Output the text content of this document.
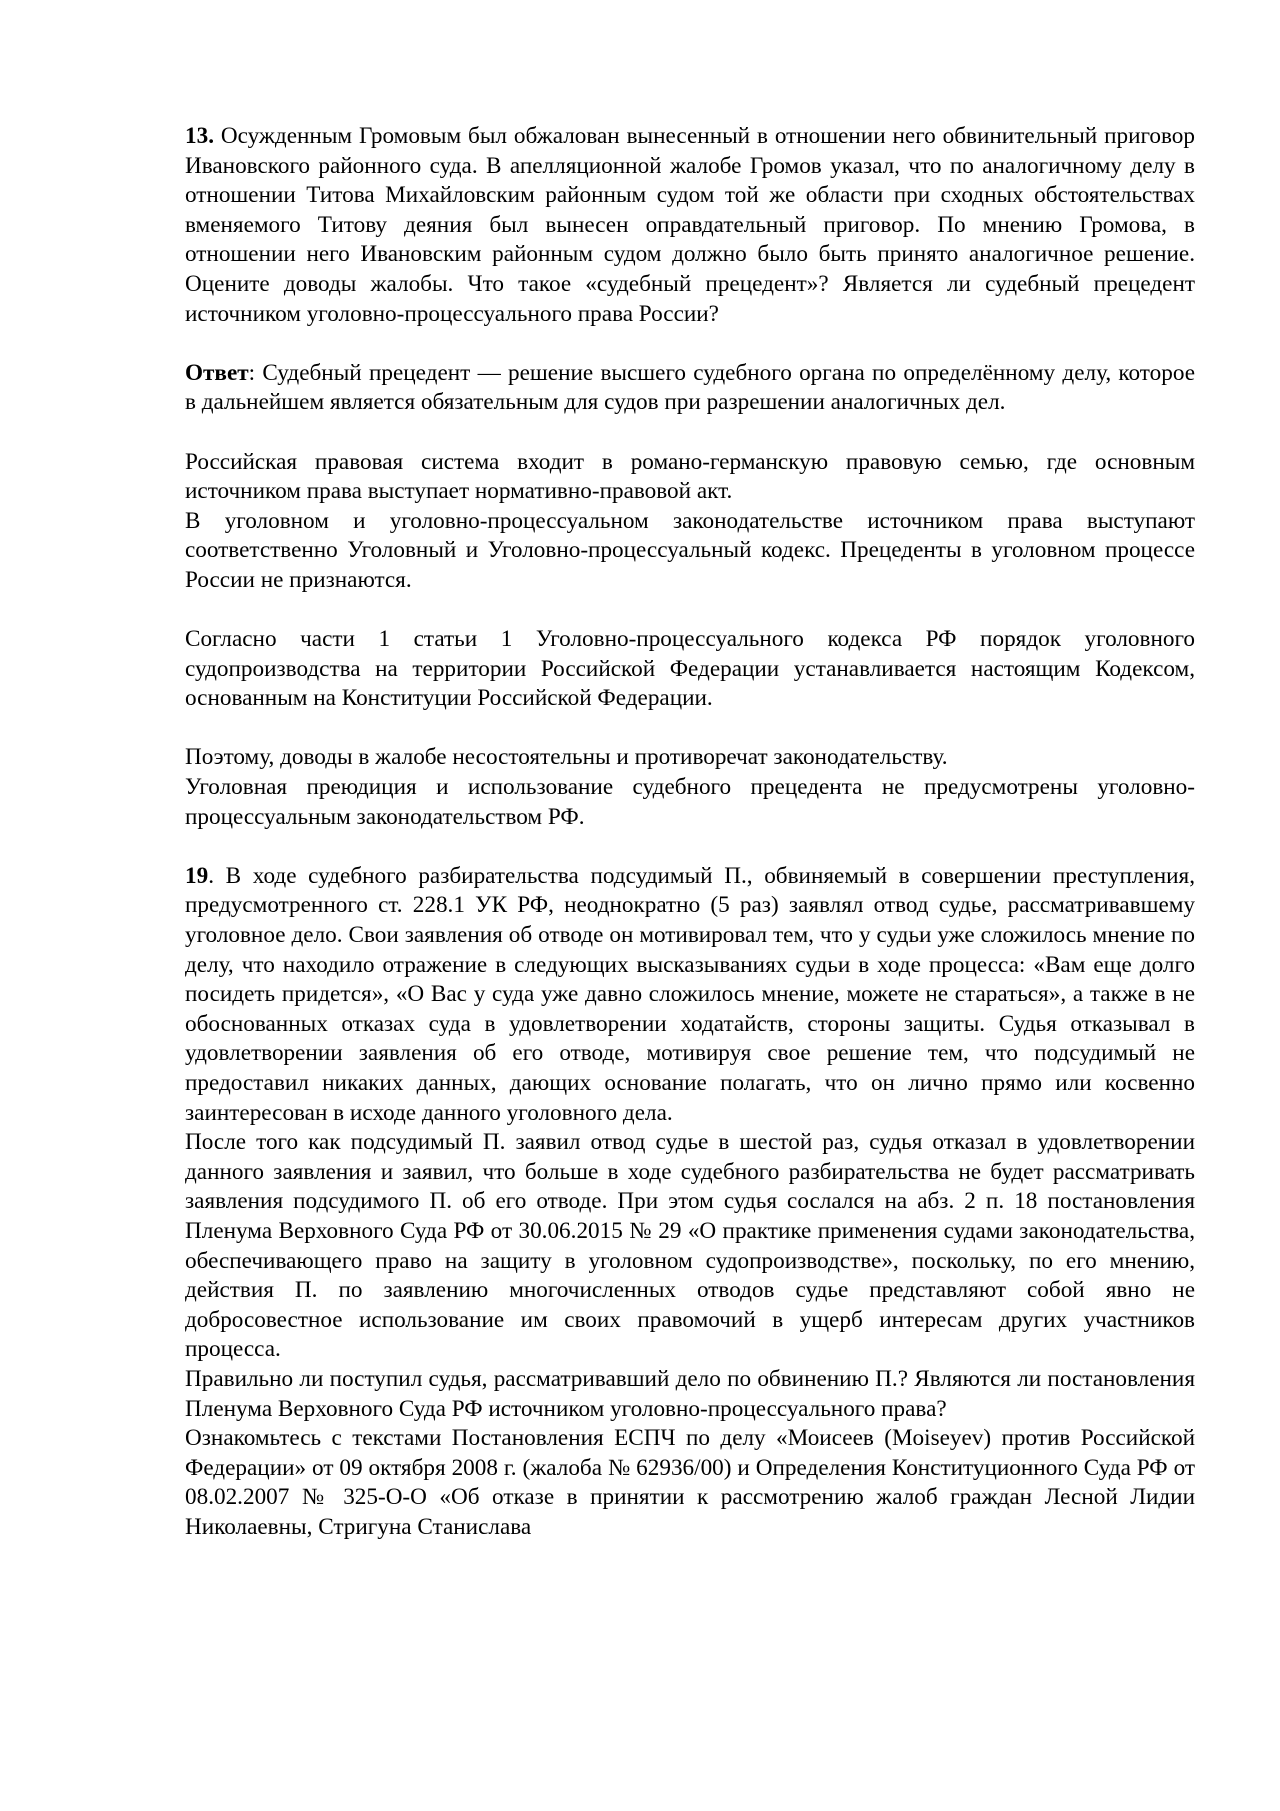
13. Осужденным Громовым был обжалован вынесенный в отношении него обвинительный приговор Ивановского районного суда. В апелляционной жалобе Громов указал, что по аналогичному делу в отношении Титова Михайловским районным судом той же области при сходных обстоятельствах вменяемого Титову деяния был вынесен оправдательный приговор. По мнению Громова, в отношении него Ивановским районным судом должно было быть принято аналогичное решение. Оцените доводы жалобы. Что такое «судебный прецедент»? Является ли судебный прецедент источником уголовно-процессуального права России?

Ответ: Судебный прецедент — решение высшего судебного органа по определённому делу, которое в дальнейшем является обязательным для судов при разрешении аналогичных дел.

Российская правовая система входит в романо-германскую правовую семью, где основным источником права выступает нормативно-правовой акт.

В уголовном и уголовно-процессуальном законодательстве источником права выступают соответственно Уголовный и Уголовно-процессуальный кодекс. Прецеденты в уголовном процессе России не признаются.

Согласно части 1 статьи 1 Уголовно-процессуального кодекса РФ порядок уголовного судопроизводства на территории Российской Федерации устанавливается настоящим Кодексом, основанным на Конституции Российской Федерации.

Поэтому, доводы в жалобе несостоятельны и противоречат законодательству.

Уголовная преюдиция и использование судебного прецедента не предусмотрены уголовно-процессуальным законодательством РФ.

19. В ходе судебного разбирательства подсудимый П., обвиняемый в совершении преступления, предусмотренного ст. 228.1 УК РФ, неоднократно (5 раз) заявлял отвод судье, рассматривавшему уголовное дело. Свои заявления об отводе он мотивировал тем, что у судьи уже сложилось мнение по делу, что находило отражение в следующих высказываниях судьи в ходе процесса: «Вам еще долго посидеть придется», «О Вас у суда уже давно сложилось мнение, можете не стараться», а также в не обоснованных отказах суда в удовлетворении ходатайств, стороны защиты. Судья отказывал в удовлетворении заявления об его отводе, мотивируя свое решение тем, что подсудимый не предоставил никаких данных, дающих основание полагать, что он лично прямо или косвенно заинтересован в исходе данного уголовного дела.

После того как подсудимый П. заявил отвод судье в шестой раз, судья отказал в удовлетворении данного заявления и заявил, что больше в ходе судебного разбирательства не будет рассматривать заявления подсудимого П. об его отводе. При этом судья сослался на абз. 2 п. 18 постановления Пленума Верховного Суда РФ от 30.06.2015 № 29 «О практике применения судами законодательства, обеспечивающего право на защиту в уголовном судопроизводстве», поскольку, по его мнению, действия П. по заявлению многочисленных отводов судье представляют собой явно не добросовестное использование им своих правомочий в ущерб интересам других участников процесса.

Правильно ли поступил судья, рассматривавший дело по обвинению П.? Являются ли постановления Пленума Верховного Суда РФ источником уголовно-процессуального права?

Ознакомьтесь с текстами Постановления ЕСПЧ по делу «Моисеев (Moiseyev) против Российской Федерации» от 09 октября 2008 г. (жалоба № 62936/00) и Определения Конституционного Суда РФ от 08.02.2007 № 325-О-О «Об отказе в принятии к рассмотрению жалоб граждан Лесной Лидии Николаевны, Стригуна Станислава
